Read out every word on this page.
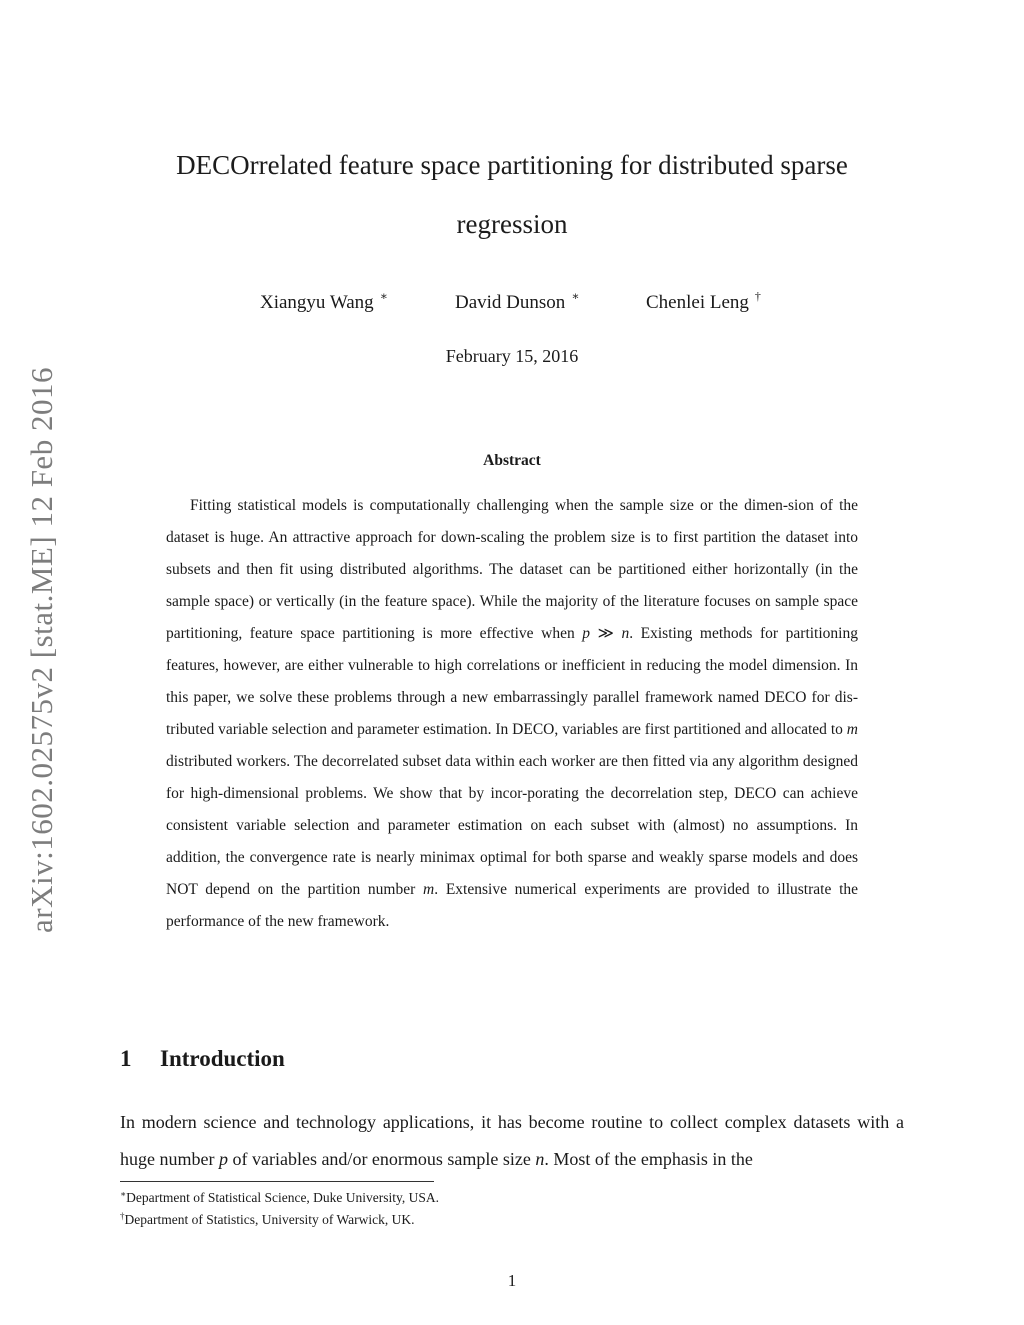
arXiv:1602.02575v2 [stat.ME] 12 Feb 2016
DECOrrelated feature space partitioning for distributed sparse
regression
Xiangyu Wang ∗	David Dunson ∗	Chenlei Leng †
February 15, 2016
Abstract

Fitting statistical models is computationally challenging when the sample size or the dimen-sion of the dataset is huge. An attractive approach for down-scaling the problem size is to first partition the dataset into subsets and then fit using distributed algorithms. The dataset can be partitioned either horizontally (in the sample space) or vertically (in the feature space). While the majority of the literature focuses on sample space partitioning, feature space partitioning is more effective when p ≫ n. Existing methods for partitioning features, however, are either vulnerable to high correlations or inefficient in reducing the model dimension. In this paper, we solve these problems through a new embarrassingly parallel framework named DECO for dis-tributed variable selection and parameter estimation. In DECO, variables are first partitioned and allocated to m distributed workers. The decorrelated subset data within each worker are then fitted via any algorithm designed for high-dimensional problems. We show that by incor-porating the decorrelation step, DECO can achieve consistent variable selection and parameter estimation on each subset with (almost) no assumptions. In addition, the convergence rate is nearly minimax optimal for both sparse and weakly sparse models and does NOT depend on the partition number m. Extensive numerical experiments are provided to illustrate the performance of the new framework.

1 Introduction

In modern science and technology applications, it has become routine to collect complex datasets with a huge number p of variables and/or enormous sample size n. Most of the emphasis in the

∗Department of Statistical Science, Duke University, USA.
†Department of Statistics, University of Warwick, UK.
1
